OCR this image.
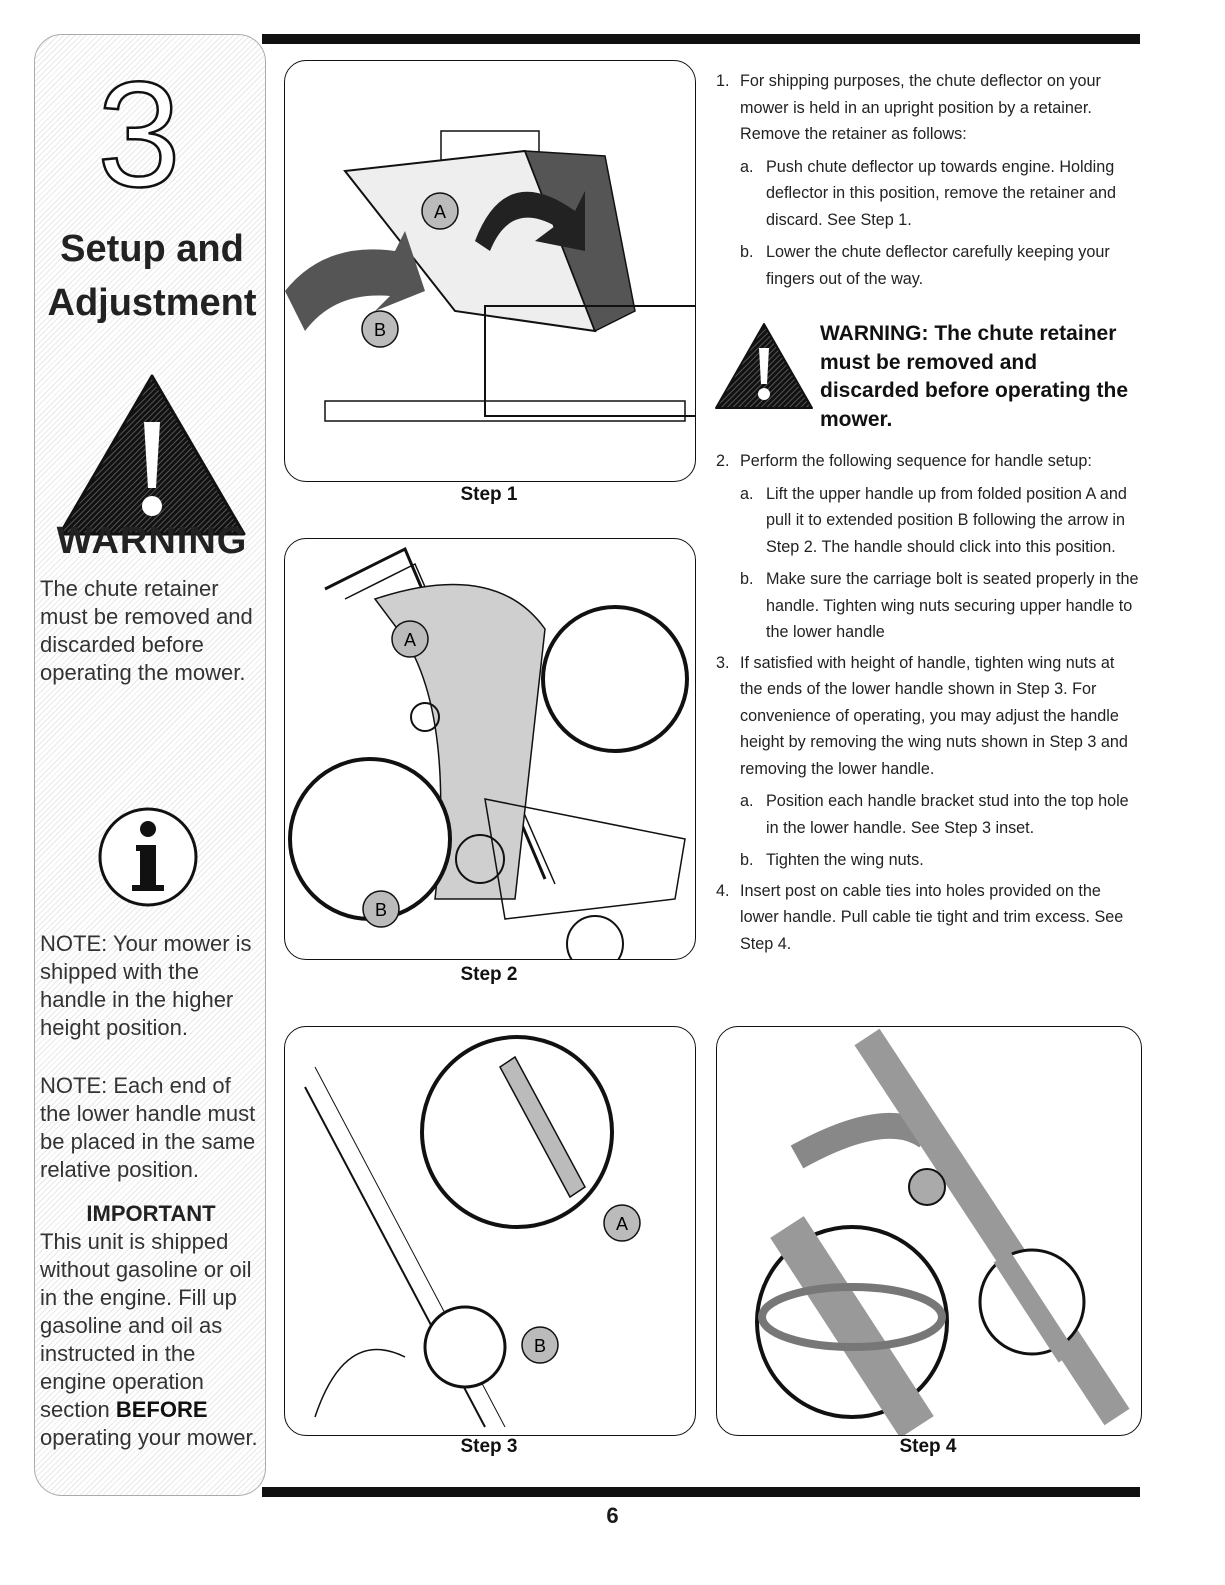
3
Setup and
Adjustment
WARNING
The chute retainer must be removed and discarded before operating the mower.
NOTE: Your mower is shipped with the handle in the higher height position.
NOTE: Each end of the lower handle must be placed in the same relative position.
IMPORTANT
This unit is shipped without gasoline or oil in the engine. Fill up gasoline and oil as instructed in the engine operation section BEFORE operating your mower.
A
B
Step 1
A
B
Step 2
A
B
Step 3	Step 4
1. For shipping purposes, the chute deflector on your mower is held in an upright position by a retainer. Remove the retainer as follows:
a. Push chute deflector up towards engine. Holding deflector in this position, remove the retainer and discard. See Step 1.
b. Lower the chute deflector carefully keeping your fingers out of the way.
WARNING: The chute retainer must be removed and discarded before operating the mower.
2. Perform the following sequence for handle setup:
a. Lift the upper handle up from folded position A and pull it to extended position B following the arrow in Step 2. The handle should click into this position.
b. Make sure the carriage bolt is seated properly in the handle. Tighten wing nuts securing upper handle to the lower handle
3. If satisfied with height of handle, tighten wing nuts at the ends of the lower handle shown in Step 3. For convenience of operating, you may adjust the handle height by removing the wing nuts shown in Step 3 and removing the lower handle.
a. Position each handle bracket stud into the top hole in the lower handle. See Step 3 inset.
b. Tighten the wing nuts.
4. Insert post on cable ties into holes provided on the lower handle. Pull cable tie tight and trim excess. See Step 4.
6
